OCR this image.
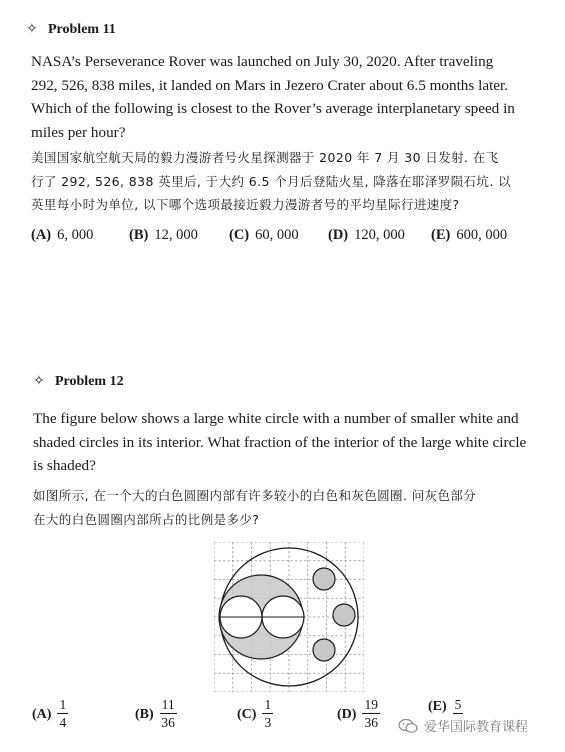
✧ Problem 11
NASA’s Perseverance Rover was launched on July 30, 2020. After traveling
292, 526, 838 miles, it landed on Mars in Jezero Crater about 6.5 months later.
Which of the following is closest to the Rover’s average interplanetary speed in
miles per hour?
美国国家航空航天局的毅力漫游者号火星探测器于 2020 年 7 月 30 日发射. 在飞
行了 292, 526, 838 英里后, 于大约 6.5 个月后登陆火星, 降落在耶泽罗陨石坑. 以
英里每小时为单位, 以下哪个选项最接近毅力漫游者号的平均星际行进速度?
(A) 6, 000 (B) 12, 000 (C) 60, 000 (D) 120, 000 (E) 600, 000
✧ Problem 12
The figure below shows a large white circle with a number of smaller white and
shaded circles in its interior. What fraction of the interior of the large white circle
is shaded?
如图所示, 在一个大的白色圆圈内部有许多较小的白色和灰色圆圈. 问灰色部分
在大的白色圆圈内部所占的比例是多少?
$(A) \frac{1}{4}$	$(B) \frac{11}{36}$	$(C) \frac{1}{3}$	$(D) \frac{19}{36}$	(E) 5
爱华国际教育课程
